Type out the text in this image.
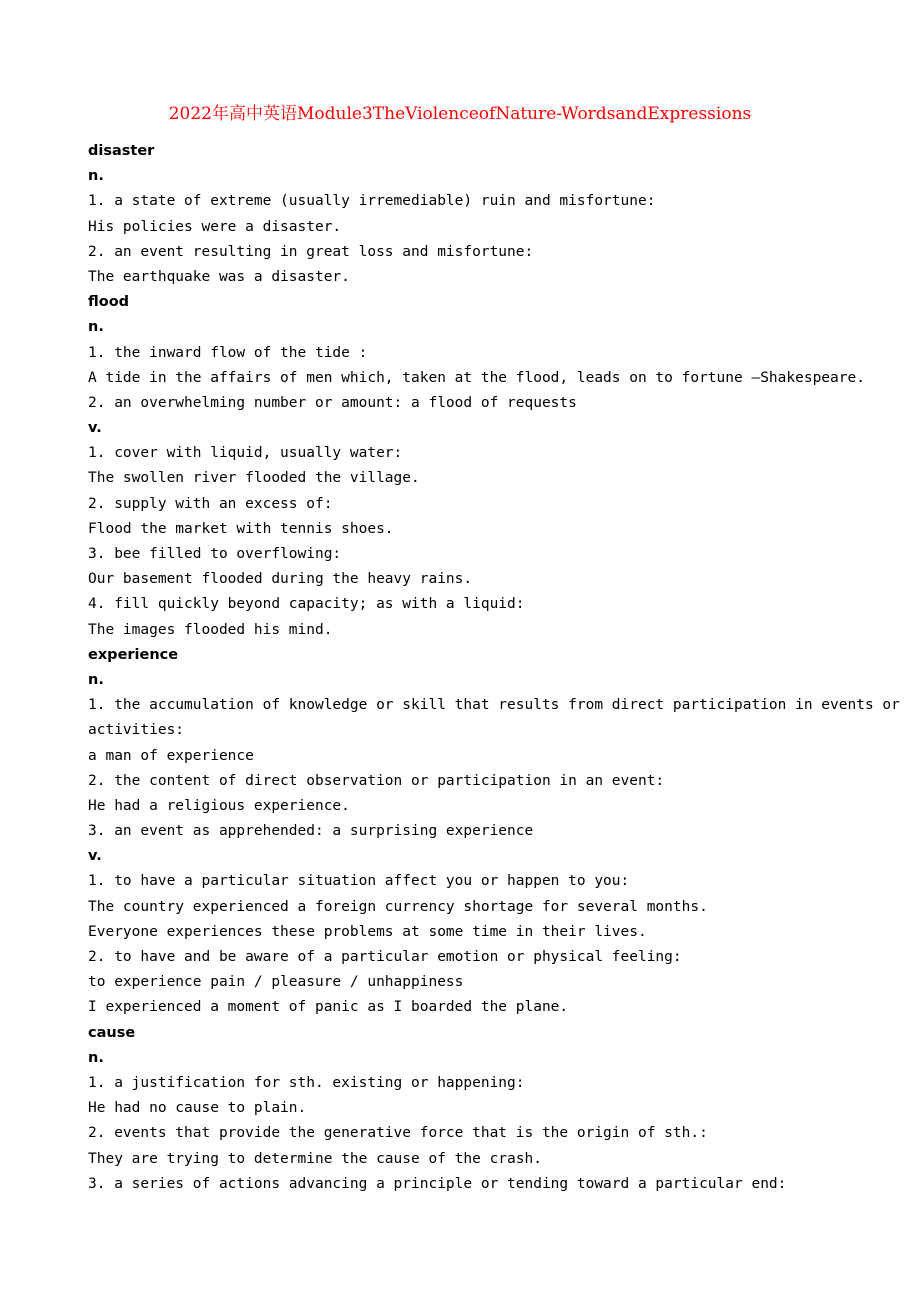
2022年高中英语Module3TheViolenceofNature-WordsandExpressions
disaster
n.
1. a state of extreme (usually irremediable) ruin and misfortune:
His policies were a disaster.
2. an event resulting in great loss and misfortune:
The earthquake was a disaster.
flood
n.
1. the inward flow of the tide :
A tide in the affairs of men which, taken at the flood, leads on to fortune –Shakespeare.
2. an overwhelming number or amount: a flood of requests
v.
1. cover with liquid, usually water:
The swollen river flooded the village.
2. supply with an excess of:
Flood the market with tennis shoes.
3. bee filled to overflowing:
Our basement flooded during the heavy rains.
4. fill quickly beyond capacity; as with a liquid:
The images flooded his mind.
experience
n.
1. the accumulation of knowledge or skill that results from direct participation in events or
activities:
a man of experience
2. the content of direct observation or participation in an event:
He had a religious experience.
3. an event as apprehended: a surprising experience
v.
1. to have a particular situation affect you or happen to you:
The country experienced a foreign currency shortage for several months.
Everyone experiences these problems at some time in their lives.
2. to have and be aware of a particular emotion or physical feeling:
to experience pain / pleasure / unhappiness
I experienced a moment of panic as I boarded the plane.
cause
n.
1. a justification for sth. existing or happening:
He had no cause to plain.
2. events that provide the generative force that is the origin of sth.:
They are trying to determine the cause of the crash.
3. a series of actions advancing a principle or tending toward a particular end:
